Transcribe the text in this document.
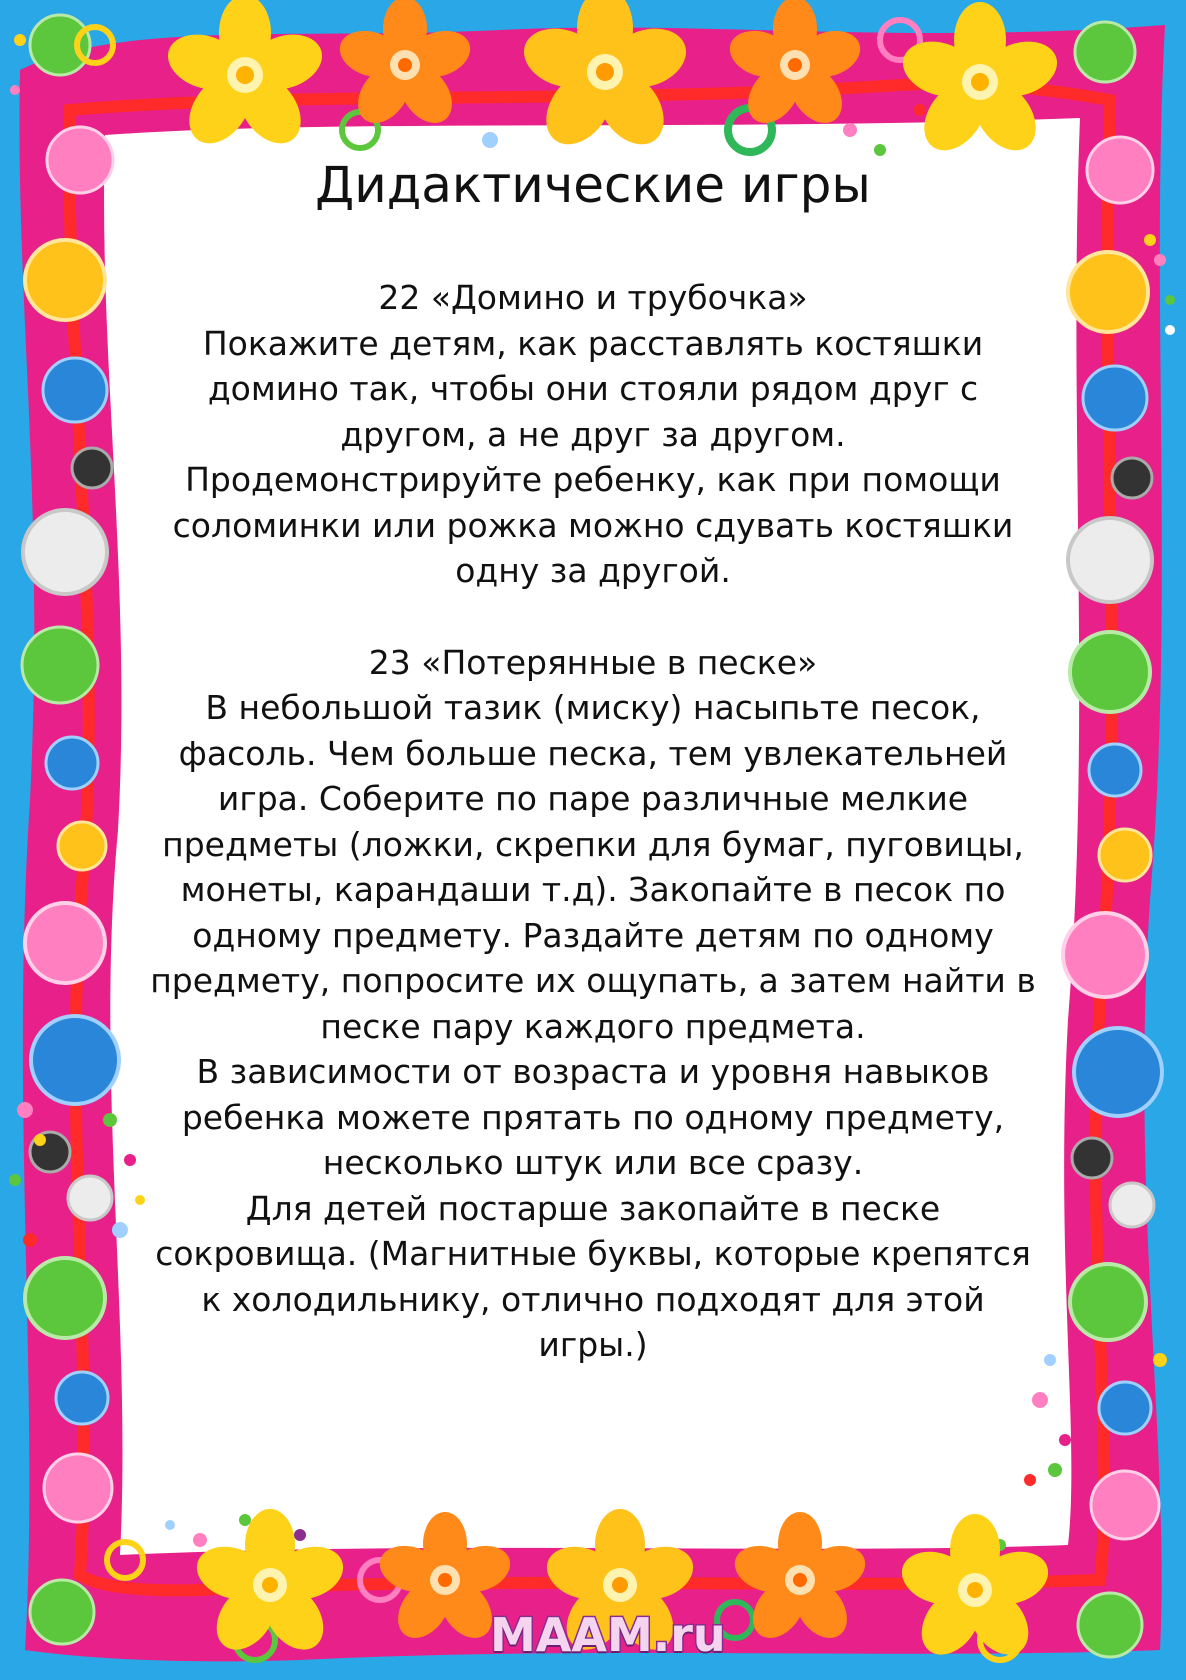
Дидактические игры

22 «Домино и трубочка»

Покажите детям, как расставлять костяшки домино так, чтобы они стояли рядом друг с другом, а не друг за другом.

Продемонстрируйте ребенку, как при помощи соломинки или рожка можно сдувать костяшки одну за другой.

23 «Потерянные в песке»

В небольшой тазик (миску) насыпьте песок, фасоль. Чем больше песка, тем увлекательней игра. Соберите по паре различные мелкие предметы (ложки, скрепки для бумаг, пуговицы, монеты, карандаши т.д). Закопайте в песок по одному предмету. Раздайте детям по одному предмету, попросите их ощупать, а затем найти в песке пару каждого предмета.

В зависимости от возраста и уровня навыков ребенка можете прятать по одному предмету, несколько штук или все сразу.

Для детей постарше закопайте в песке сокровища. (Магнитные буквы, которые крепятся к холодильнику, отлично подходят для этой игры.)

MAAM.ru
